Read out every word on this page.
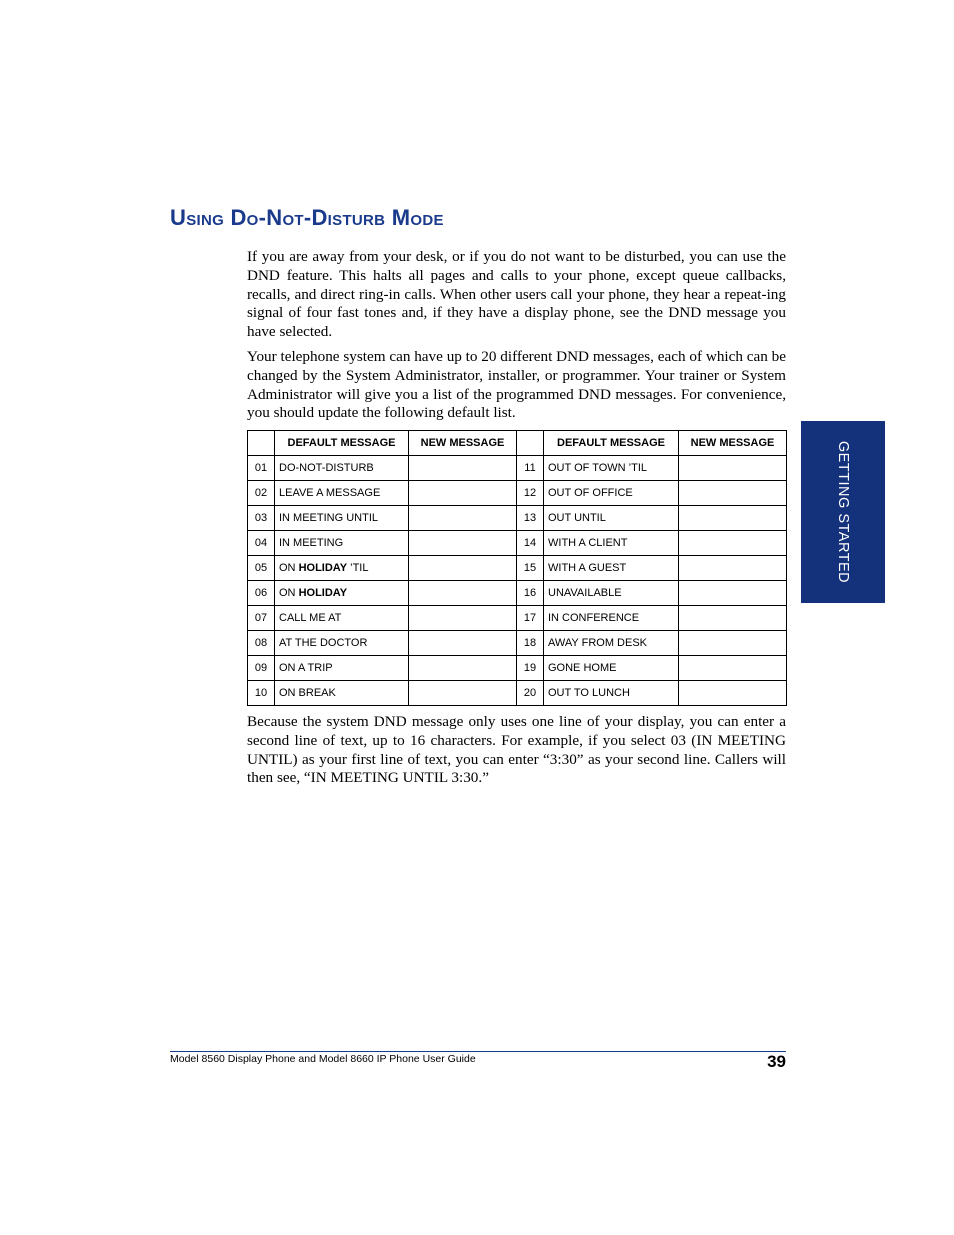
Using Do-Not-Disturb Mode

If you are away from your desk, or if you do not want to be disturbed, you can use the DND feature. This halts all pages and calls to your phone, except queue callbacks, recalls, and direct ring-in calls. When other users call your phone, they hear a repeat-ing signal of four fast tones and, if they have a display phone, see the DND message you have selected.

Your telephone system can have up to 20 different DND messages, each of which can be changed by the System Administrator, installer, or programmer. Your trainer or System Administrator will give you a list of the programmed DND messages. For convenience, you should update the following default list.

	DEFAULT MESSAGE	NEW MESSAGE		DEFAULT MESSAGE	NEW MESSAGE
01	DO-NOT-DISTURB		11	OUT OF TOWN ’TIL	
02	LEAVE A MESSAGE		12	OUT OF OFFICE	
03	IN MEETING UNTIL		13	OUT UNTIL	
04	IN MEETING		14	WITH A CLIENT	
05	ON HOLIDAY ’TIL		15	WITH A GUEST	
06	ON HOLIDAY		16	UNAVAILABLE	
07	CALL ME AT		17	IN CONFERENCE	
08	AT THE DOCTOR		18	AWAY FROM DESK	
09	ON A TRIP		19	GONE HOME	
10	ON BREAK		20	OUT TO LUNCH	

Because the system DND message only uses one line of your display, you can enter a second line of text, up to 16 characters. For example, if you select 03 (IN MEETING UNTIL) as your first line of text, you can enter “3:30” as your second line. Callers will then see, “IN MEETING UNTIL 3:30.”

GETTING STARTED
Model 8560 Display Phone and Model 8660 IP Phone User Guide	39
